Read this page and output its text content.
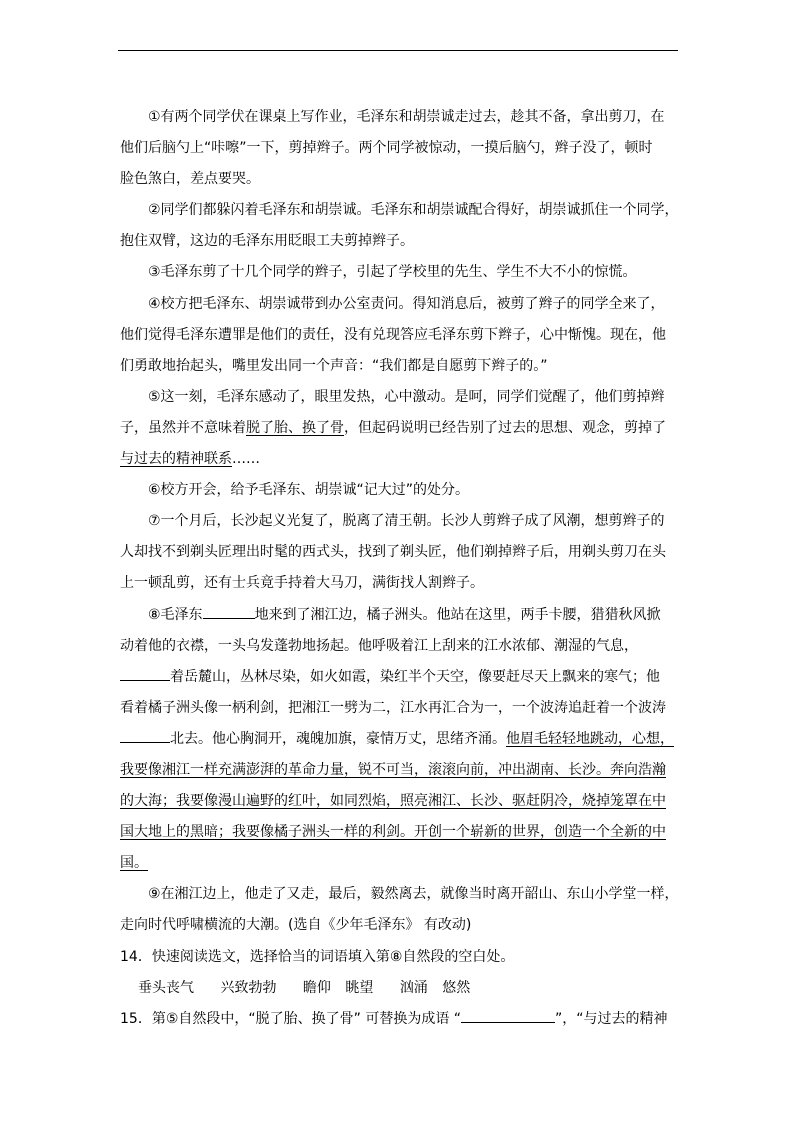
①有两个同学伏在课桌上写作业，毛泽东和胡崇诚走过去，趁其不备，拿出剪刀，在
他们后脑勺上“咔嚓”一下，剪掉辫子。两个同学被惊动，一摸后脑勺，辫子没了，顿时
脸色煞白，差点要哭。
②同学们都躲闪着毛泽东和胡崇诚。毛泽东和胡崇诚配合得好，胡崇诚抓住一个同学，
抱住双臂，这边的毛泽东用眨眼工夫剪掉辫子。
③毛泽东剪了十几个同学的辫子，引起了学校里的先生、学生不大不小的惊慌。
④校方把毛泽东、胡崇诚带到办公室责问。得知消息后，被剪了辫子的同学全来了，
他们觉得毛泽东遭罪是他们的责任，没有兑现答应毛泽东剪下辫子，心中惭愧。现在，他
们勇敢地抬起头，嘴里发出同一个声音：“我们都是自愿剪下辫子的。”
⑤这一刻，毛泽东感动了，眼里发热，心中激动。是呵，同学们觉醒了，他们剪掉辫
子，虽然并不意味着脱了胎、换了骨，但起码说明已经告别了过去的思想、观念，剪掉了
与过去的精神联系……
⑥校方开会，给予毛泽东、胡崇诚“记大过”的处分。
⑦一个月后，长沙起义光复了，脱离了清王朝。长沙人剪辫子成了风潮，想剪辫子的
人却找不到剃头匠理出时髦的西式头，找到了剃头匠，他们剃掉辫子后，用剃头剪刀在头
上一顿乱剪，还有士兵竟手持着大马刀，满街找人割辫子。
⑧毛泽东	地来到了湘江边，橘子洲头。他站在这里，两手卡腰，猎猎秋风掀
动着他的衣襟，一头乌发蓬勃地扬起。他呼吸着江上刮来的江水浓郁、潮湿的气息，
着岳麓山，丛林尽染，如火如霞，染红半个天空，像要赶尽天上飘来的寒气；他
看着橘子洲头像一柄利剑，把湘江一劈为二，江水再汇合为一，一个波涛追赶着一个波涛
北去。他心胸洞开，魂魄加旗，豪情万丈，思绪齐涌。他眉毛轻轻地跳动，心想，
我要像湘江一样充满澎湃的革命力量，锐不可当，滚滚向前，冲出湖南、长沙。奔向浩瀚
的大海；我要像漫山遍野的红叶，如同烈焰，照亮湘江、长沙、驱赶阴冷，烧掉笼罩在中
国大地上的黑暗；我要像橘子洲头一样的利剑。开创一个崭新的世界，创造一个全新的中
国。
⑨在湘江边上，他走了又走，最后，毅然离去，就像当时离开韶山、东山小学堂一样，
走向时代呼啸横流的大潮。(选自《少年毛泽东》 有改动)
14．快速阅读选文，选择恰当的词语填入第⑧自然段的空白处。
垂头丧气 兴致勃勃 瞻仰 眺望 汹涌 悠然
15．第⑤自然段中，“脱了胎、换了骨” 可替换为成语 “	”，“与过去的精神
